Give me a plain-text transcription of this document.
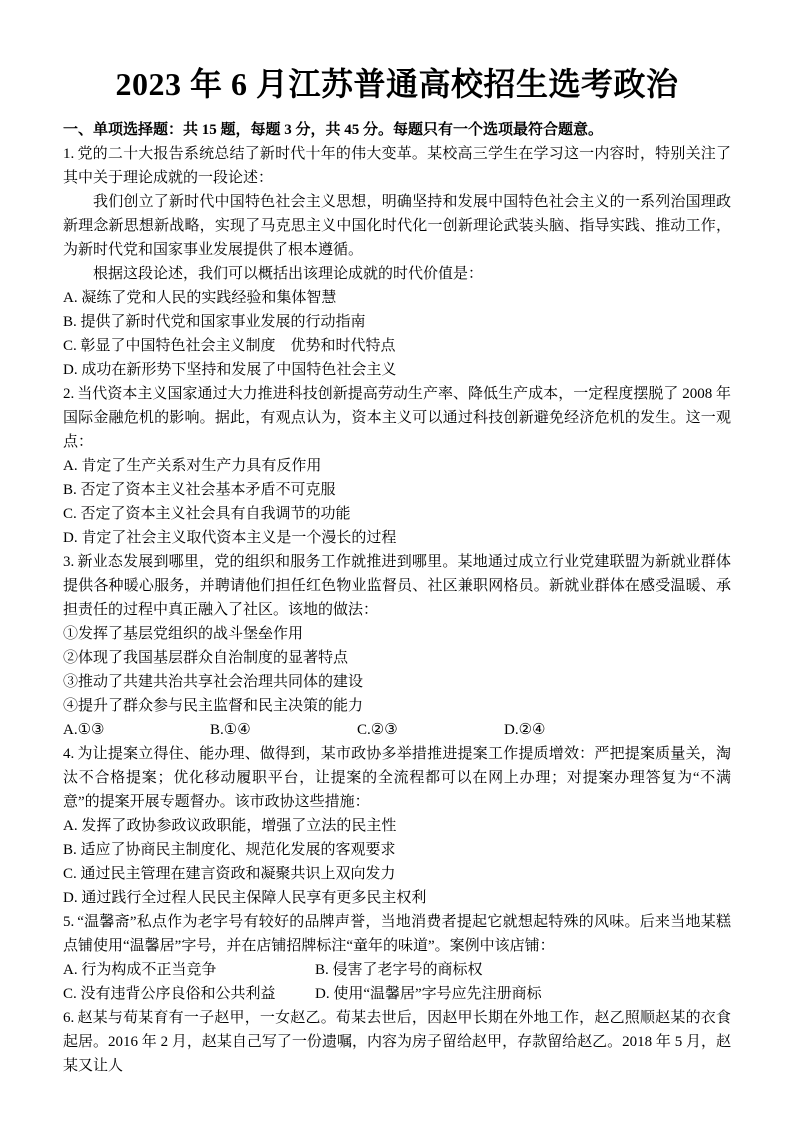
2023 年 6 月江苏普通高校招生选考政治

一、单项选择题：共 15 题，每题 3 分，共 45 分。每题只有一个选项最符合题意。

1. 党的二十大报告系统总结了新时代十年的伟大变革。某校高三学生在学习这一内容时，特别关注了其中关于理论成就的一段论述：

我们创立了新时代中国特色社会主义思想，明确坚持和发展中国特色社会主义的一系列治国理政新理念新思想新战略，实现了马克思主义中国化时代化一创新理论武装头脑、指导实践、推动工作，为新时代党和国家事业发展提供了根本遵循。

根据这段论述，我们可以概括出该理论成就的时代价值是：

A. 凝练了党和人民的实践经验和集体智慧

B. 提供了新时代党和国家事业发展的行动指南

C. 彰显了中国特色社会主义制度　优势和时代特点

D. 成功在新形势下坚持和发展了中国特色社会主义

2. 当代资本主义国家通过大力推进科技创新提高劳动生产率、降低生产成本，一定程度摆脱了 2008 年国际金融危机的影响。据此，有观点认为，资本主义可以通过科技创新避免经济危机的发生。这一观点：

A. 肯定了生产关系对生产力具有反作用

B. 否定了资本主义社会基本矛盾不可克服

C. 否定了资本主义社会具有自我调节的功能

D. 肯定了社会主义取代资本主义是一个漫长的过程

3. 新业态发展到哪里，党的组织和服务工作就推进到哪里。某地通过成立行业党建联盟为新就业群体提供各种暖心服务，并聘请他们担任红色物业监督员、社区兼职网格员。新就业群体在感受温暖、承担责任的过程中真正融入了社区。该地的做法：

①发挥了基层党组织的战斗堡垒作用

②体现了我国基层群众自治制度的显著特点

③推动了共建共治共享社会治理共同体的建设

④提升了群众参与民主监督和民主决策的能力

A.①③	B.①④	C.②③	D.②④

4. 为让提案立得住、能办理、做得到，某市政协多举措推进提案工作提质增效：严把提案质量关，淘汰不合格提案；优化移动履职平台，让提案的全流程都可以在网上办理；对提案办理答复为“不满意”的提案开展专题督办。该市政协这些措施：

A. 发挥了政协参政议政职能，增强了立法的民主性

B. 适应了协商民主制度化、规范化发展的客观要求

C. 通过民主管理在建言资政和凝聚共识上双向发力

D. 通过践行全过程人民民主保障人民享有更多民主权利

5. “温馨斋”私点作为老字号有较好的品牌声誉，当地消费者提起它就想起特殊的风味。后来当地某糕点铺使用“温馨居”字号，并在店铺招牌标注“童年的味道”。案例中该店铺：

A. 行为构成不正当竞争	B. 侵害了老字号的商标权
C. 没有违背公序良俗和公共利益	D. 使用“温馨居”字号应先注册商标

6. 赵某与荀某育有一子赵甲，一女赵乙。荀某去世后，因赵甲长期在外地工作，赵乙照顺赵某的衣食起居。2016 年 2 月，赵某自己写了一份遗嘱，内容为房子留给赵甲，存款留给赵乙。2018 年 5 月，赵某又让人
